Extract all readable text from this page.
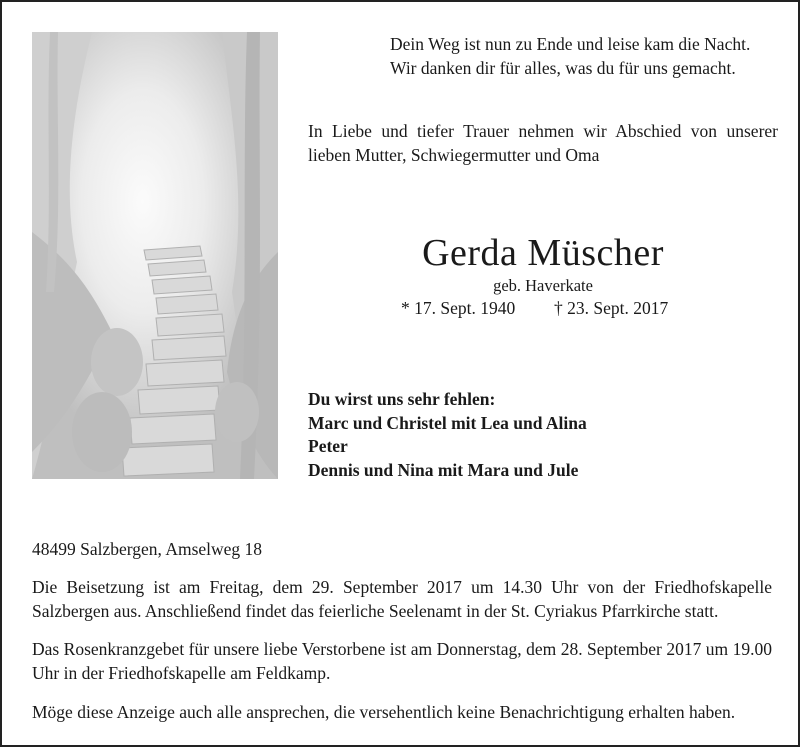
Dein Weg ist nun zu Ende und leise kam die Nacht.
Wir danken dir für alles, was du für uns gemacht.
In Liebe und tiefer Trauer nehmen wir Abschied von unserer lieben Mutter, Schwiegermutter und Oma
Gerda Müscher
geb. Haverkate
* 17. Sept. 1940 † 23. Sept. 2017
Du wirst uns sehr fehlen:
Marc und Christel mit Lea und Alina
Peter
Dennis und Nina mit Mara und Jule
48499 Salzbergen, Amselweg 18
Die Beisetzung ist am Freitag, dem 29. September 2017 um 14.30 Uhr von der Friedhofskapelle Salzbergen aus. Anschließend findet das feierliche Seelenamt in der St. Cyriakus Pfarrkirche statt.
Das Rosenkranzgebet für unsere liebe Verstorbene ist am Donnerstag, dem 28. September 2017 um 19.00 Uhr in der Friedhofskapelle am Feldkamp.
Möge diese Anzeige auch alle ansprechen, die versehentlich keine Benachrichtigung erhalten haben.
